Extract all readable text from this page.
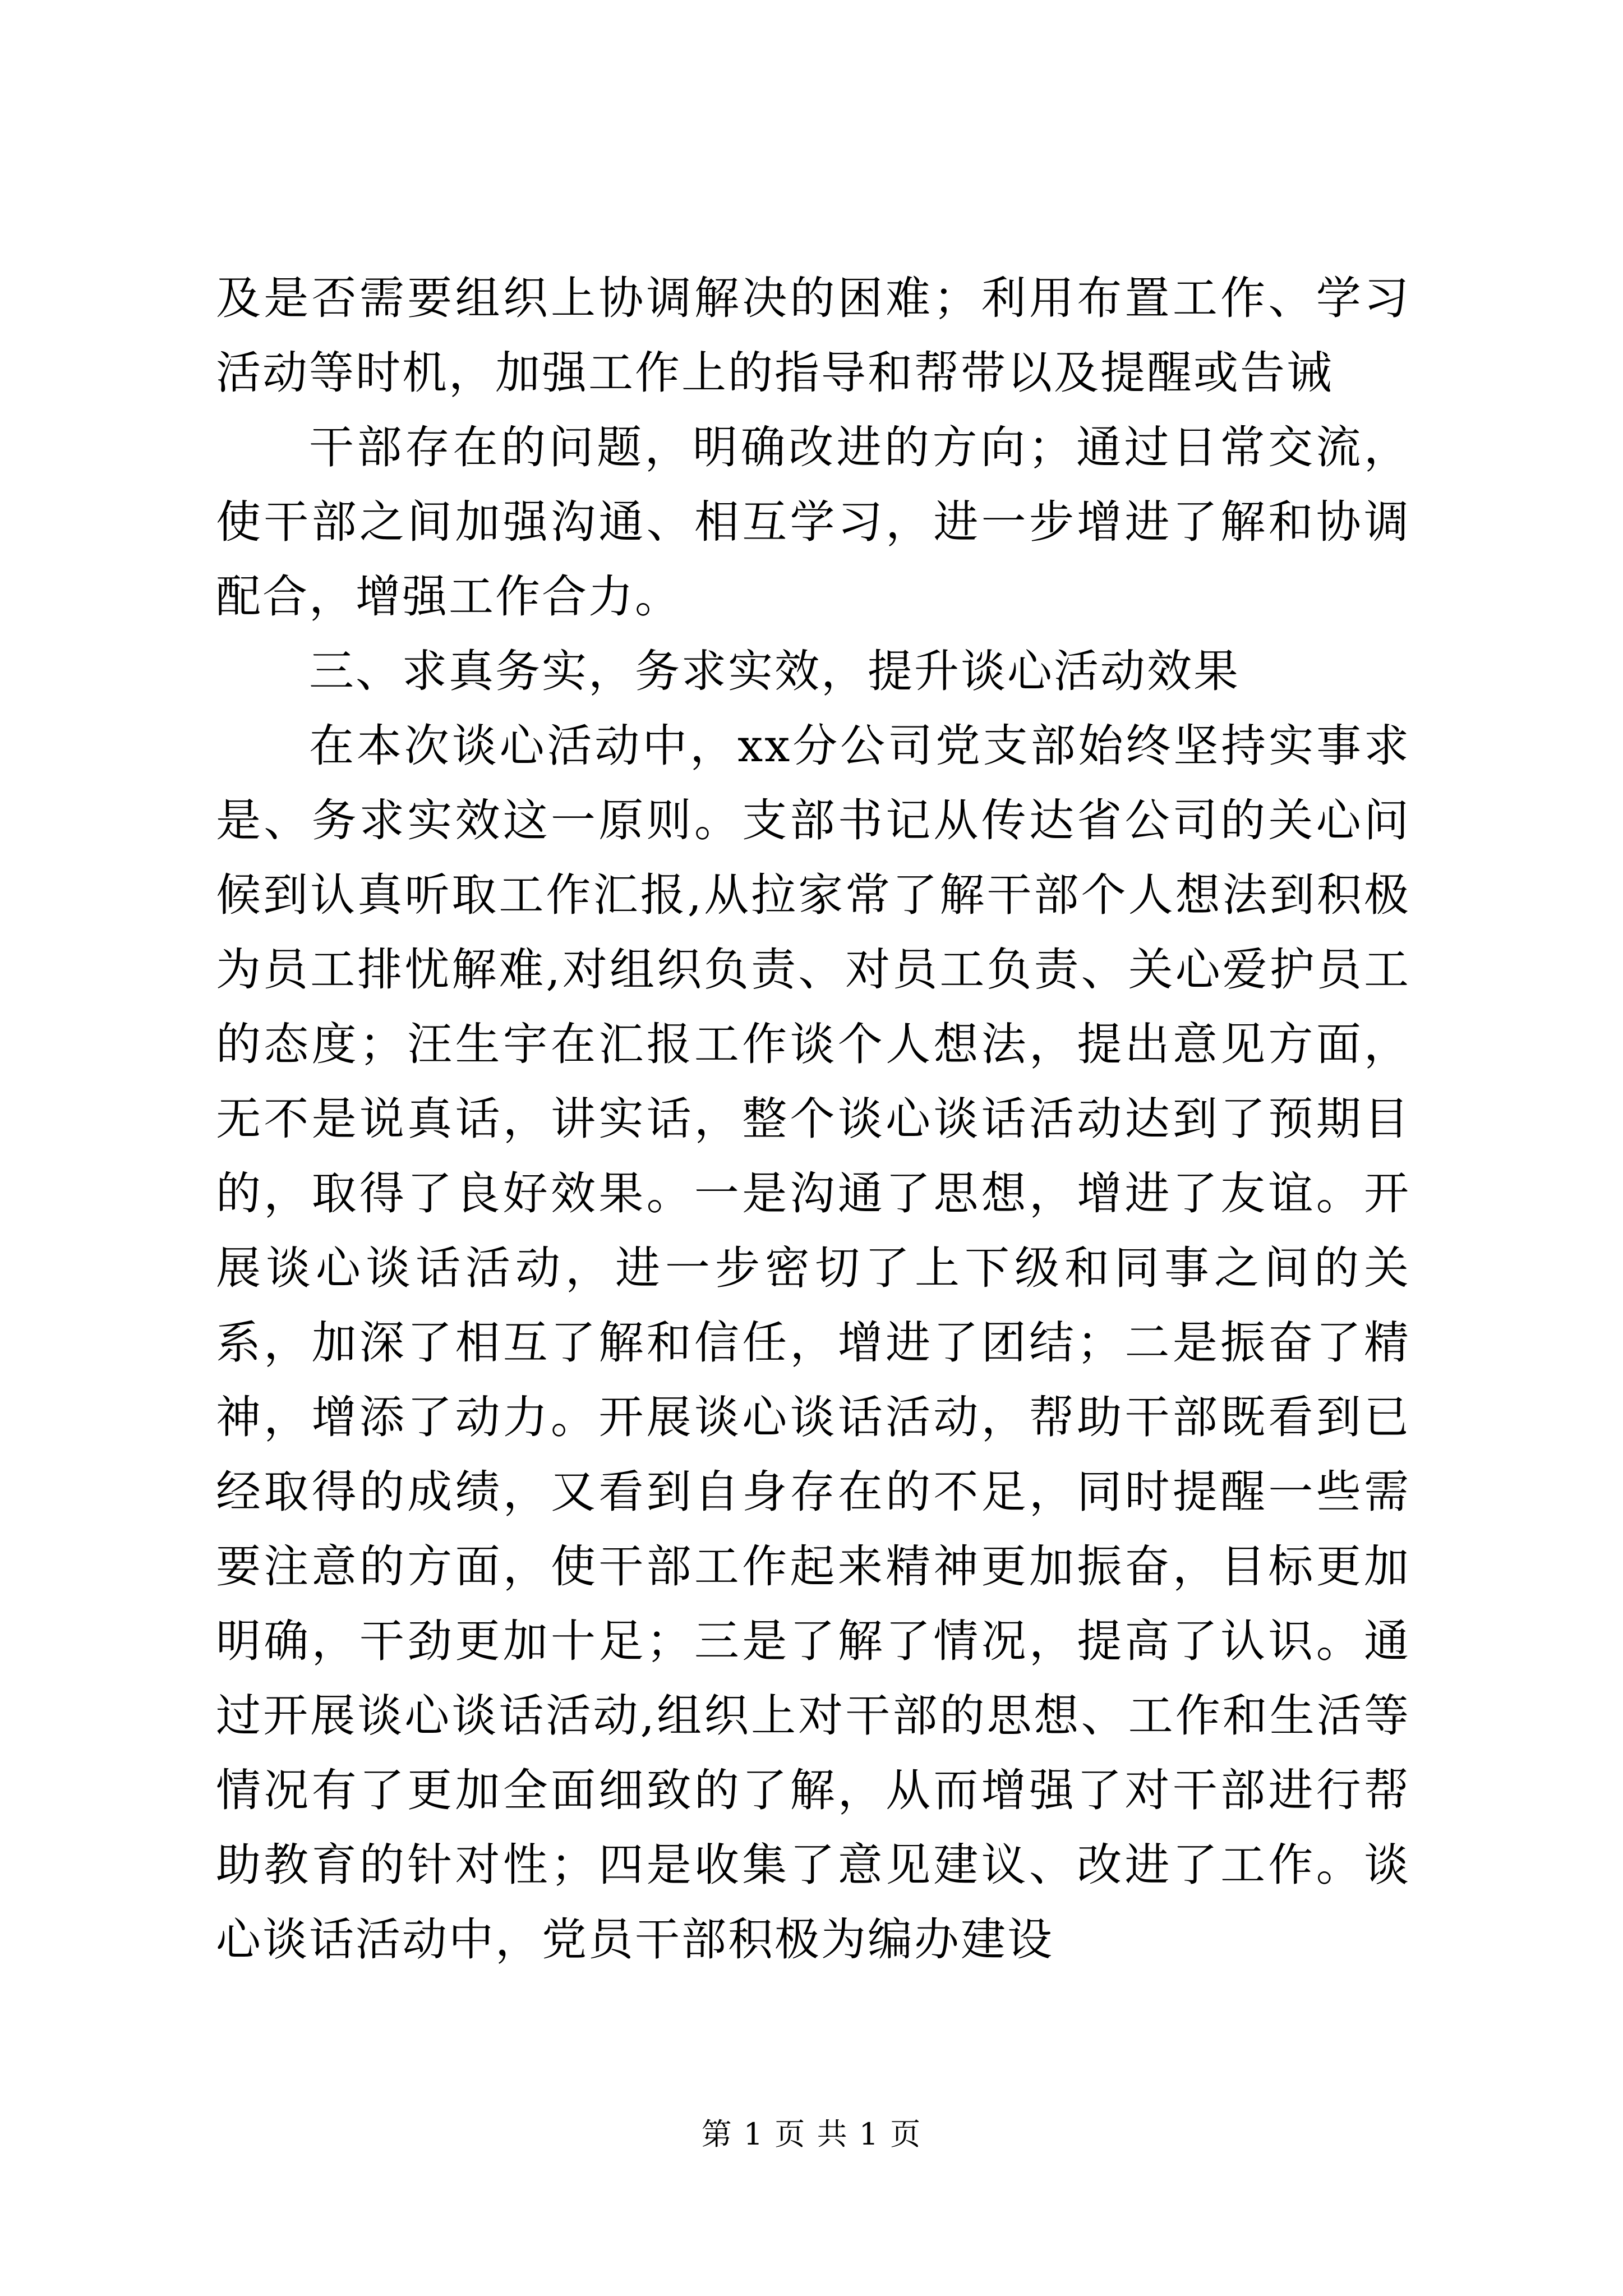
及是否需要组织上协调解决的困难；利用布置工作、学习活动等时机，加强工作上的指导和帮带以及提醒或告诫

干部存在的问题，明确改进的方向；通过日常交流，使干部之间加强沟通、相互学习，进一步增进了解和协调配合，增强工作合力。

三、求真务实，务求实效，提升谈心活动效果

在本次谈心活动中，xx分公司党支部始终坚持实事求是、务求实效这一原则。支部书记从传达省公司的关心问候到认真听取工作汇报,从拉家常了解干部个人想法到积极为员工排忧解难,对组织负责、对员工负责、关心爱护员工的态度；汪生宇在汇报工作谈个人想法，提出意见方面，无不是说真话，讲实话，整个谈心谈话活动达到了预期目的，取得了良好效果。一是沟通了思想，增进了友谊。开展谈心谈话活动，进一步密切了上下级和同事之间的关系，加深了相互了解和信任，增进了团结；二是振奋了精神，增添了动力。开展谈心谈话活动，帮助干部既看到已经取得的成绩，又看到自身存在的不足，同时提醒一些需要注意的方面，使干部工作起来精神更加振奋，目标更加明确，干劲更加十足；三是了解了情况，提高了认识。通过开展谈心谈话活动,组织上对干部的思想、工作和生活等情况有了更加全面细致的了解，从而增强了对干部进行帮助教育的针对性；四是收集了意见建议、改进了工作。谈心谈话活动中，党员干部积极为编办建设

第 1 页 共 1 页
